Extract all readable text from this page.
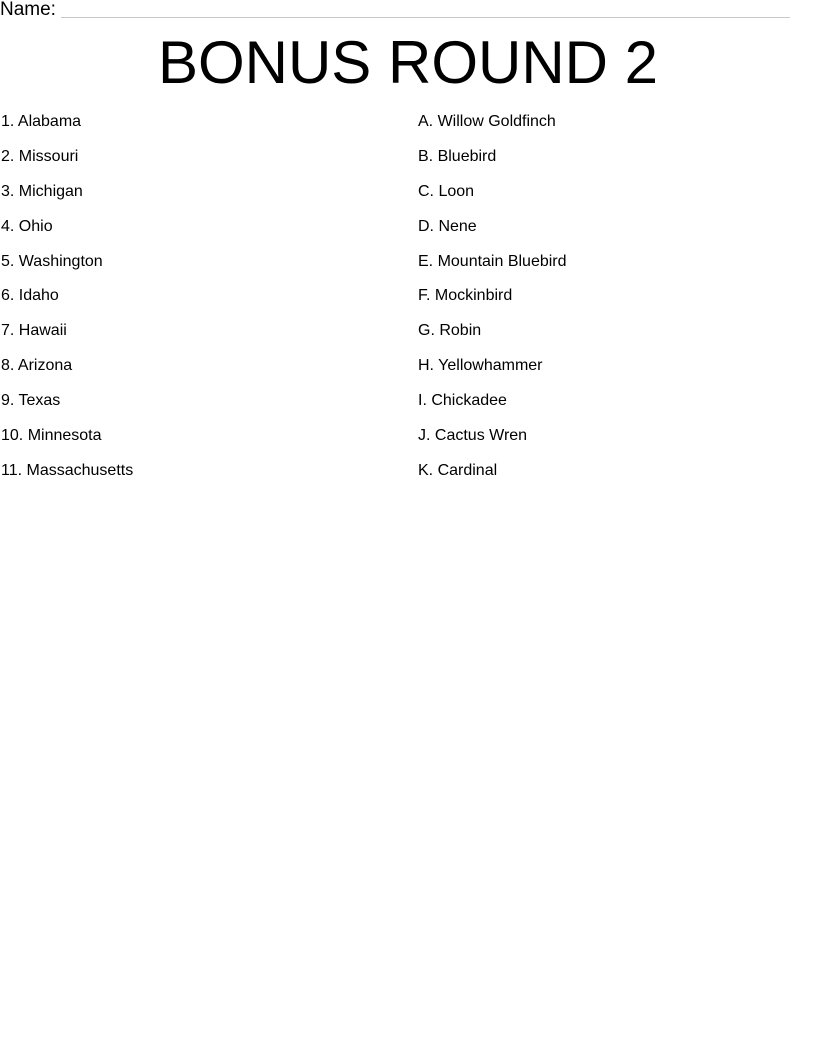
Name:
BONUS ROUND 2
1. Alabama
2. Missouri
3. Michigan
4. Ohio
5. Washington
6. Idaho
7. Hawaii
8. Arizona
9. Texas
10. Minnesota
11. Massachusetts
A. Willow Goldfinch
B. Bluebird
C. Loon
D. Nene
E. Mountain Bluebird
F. Mockinbird
G. Robin
H. Yellowhammer
I. Chickadee
J. Cactus Wren
K. Cardinal
